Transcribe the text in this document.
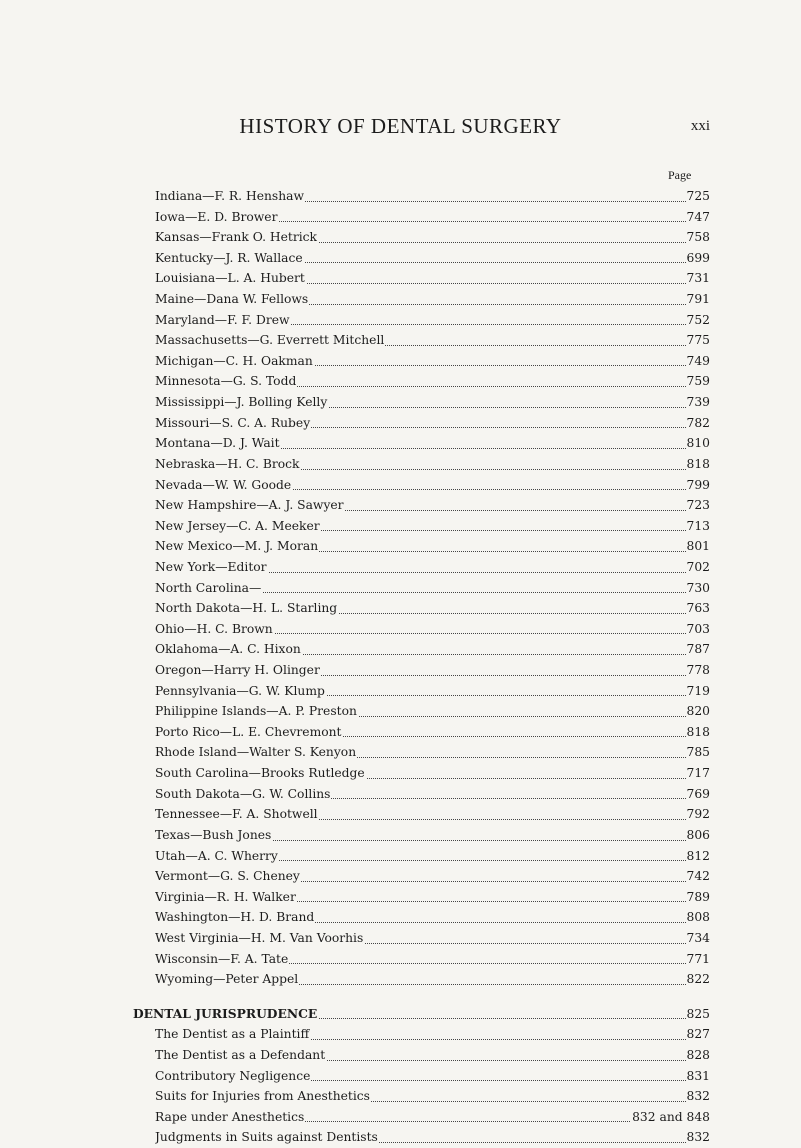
HISTORY OF DENTAL SURGERY	xxi
Page
Indiana—F. R. Henshaw	725
Iowa—E. D. Brower	747
Kansas—Frank O. Hetrick	758
Kentucky—J. R. Wallace	699
Louisiana—L. A. Hubert	731
Maine—Dana W. Fellows	791
Maryland—F. F. Drew	752
Massachusetts—G. Everrett Mitchell	775
Michigan—C. H. Oakman	749
Minnesota—G. S. Todd	759
Mississippi—J. Bolling Kelly	739
Missouri—S. C. A. Rubey	782
Montana—D. J. Wait	810
Nebraska—H. C. Brock	818
Nevada—W. W. Goode	799
New Hampshire—A. J. Sawyer	723
New Jersey—C. A. Meeker	713
New Mexico—M. J. Moran	801
New York—Editor	702
North Carolina—	730
North Dakota—H. L. Starling	763
Ohio—H. C. Brown	703
Oklahoma—A. C. Hixon	787
Oregon—Harry H. Olinger	778
Pennsylvania—G. W. Klump	719
Philippine Islands—A. P. Preston	820
Porto Rico—L. E. Chevremont	818
Rhode Island—Walter S. Kenyon	785
South Carolina—Brooks Rutledge	717
South Dakota—G. W. Collins	769
Tennessee—F. A. Shotwell	792
Texas—Bush Jones	806
Utah—A. C. Wherry	812
Vermont—G. S. Cheney	742
Virginia—R. H. Walker	789
Washington—H. D. Brand	808
West Virginia—H. M. Van Voorhis	734
Wisconsin—F. A. Tate	771
Wyoming—Peter Appel	822
DENTAL JURISPRUDENCE	825
The Dentist as a Plaintiff	827
The Dentist as a Defendant	828
Contributory Negligence	831
Suits for Injuries from Anesthetics	832
Rape under Anesthetics	832 and 848
Judgments in Suits against Dentists	832
